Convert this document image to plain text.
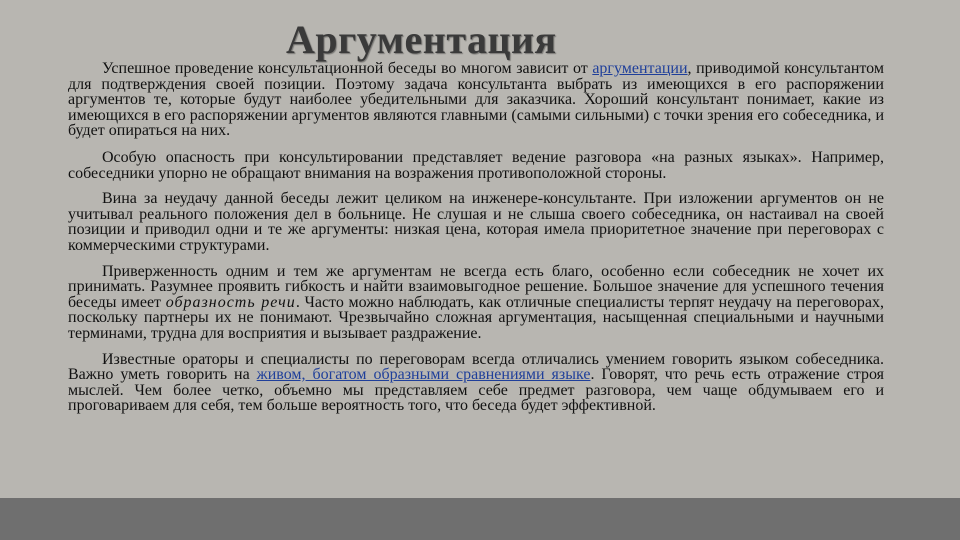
Аргументация

Успешное проведение консультационной беседы во многом зависит от аргументации, приводимой консультантом для подтверждения своей позиции. Поэтому задача консультанта выбрать из имеющихся в его распоряжении аргументов те, которые будут наиболее убедительными для заказчика. Хороший консультант понимает, какие из имеющихся в его распоряжении аргументов являются главными (самыми сильными) с точки зрения его собеседника, и будет опираться на них.

Особую опасность при консультировании представляет ведение разговора «на разных языках». Например, собеседники упорно не обращают внимания на возражения противоположной стороны.

Вина за неудачу данной беседы лежит целиком на инженере-консультанте. При изложении аргументов он не учитывал реального положения дел в больнице. Не слушая и не слыша своего собеседника, он настаивал на своей позиции и приводил одни и те же аргументы: низкая цена, которая имела приоритетное значение при переговорах с коммерческими структурами.

Приверженность одним и тем же аргументам не всегда есть благо, особенно если собеседник не хочет их принимать. Разумнее проявить гибкость и найти взаимовыгодное решение. Большое значение для успешного течения беседы имеет образность речи. Часто можно наблюдать, как отличные специалисты терпят неудачу на переговорах, поскольку партнеры их не понимают. Чрезвычайно сложная аргументация, насыщенная специальными и научными терминами, трудна для восприятия и вызывает раздражение.

Известные ораторы и специалисты по переговорам всегда отличались умением говорить языком собеседника. Важно уметь говорить на живом, богатом образными сравнениями языке. Говорят, что речь есть отражение строя мыслей. Чем более четко, объемно мы представляем себе предмет разговора, чем чаще обдумываем его и проговариваем для себя, тем больше вероятность того, что беседа будет эффективной.
